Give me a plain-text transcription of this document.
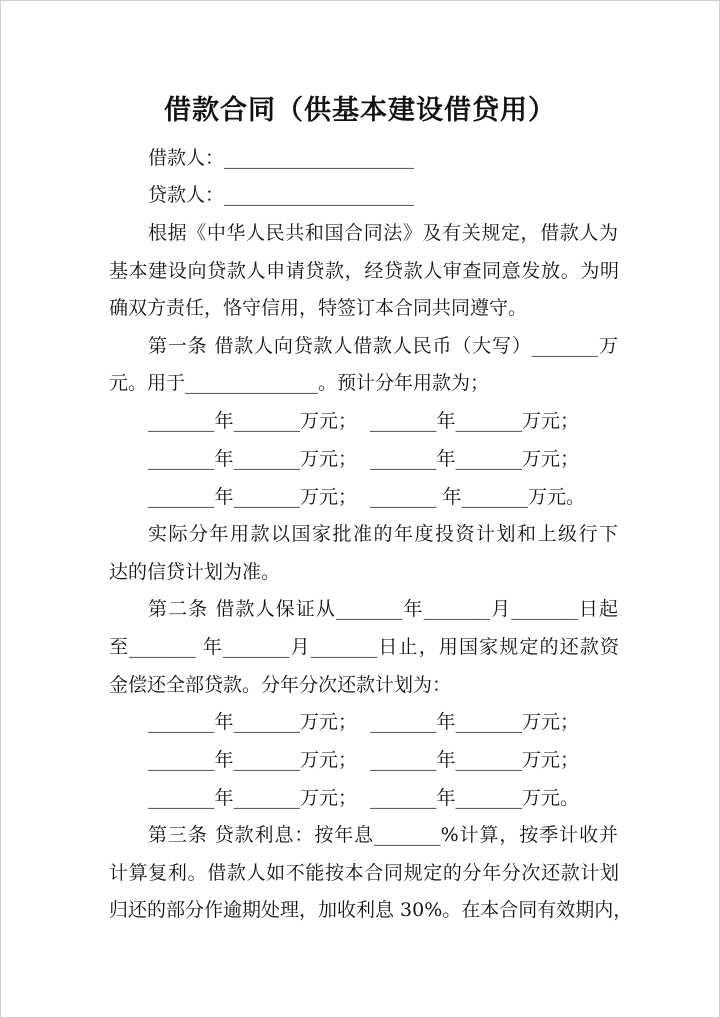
借款合同（供基本建设借贷用）
借款人：____________________
贷款人：____________________
根据《中华人民共和国合同法》及有关规定，借款人为
基本建设向贷款人申请贷款，经贷款人审查同意发放。为明
确双方责任，恪守信用，特签订本合同共同遵守。
第一条 借款人向贷款人借款人民币（大写）_______万
元。用于______________。预计分年用款为；
_______年_______万元； _______年_______万元；
_______年_______万元； _______年_______万元；
_______年_______万元； _______ 年_______万元。
实际分年用款以国家批准的年度投资计划和上级行下
达的信贷计划为准。
第二条 借款人保证从_______年_______月_______日起
至_______ 年_______月_______日止，用国家规定的还款资
金偿还全部贷款。分年分次还款计划为：
_______年_______万元； _______年_______万元；
_______年_______万元； _______年_______万元；
_______年_______万元； _______年_______万元。
第三条 贷款利息：按年息_______%计算，按季计收并
计算复利。借款人如不能按本合同规定的分年分次还款计划
归还的部分作逾期处理，加收利息 30%。在本合同有效期内，
